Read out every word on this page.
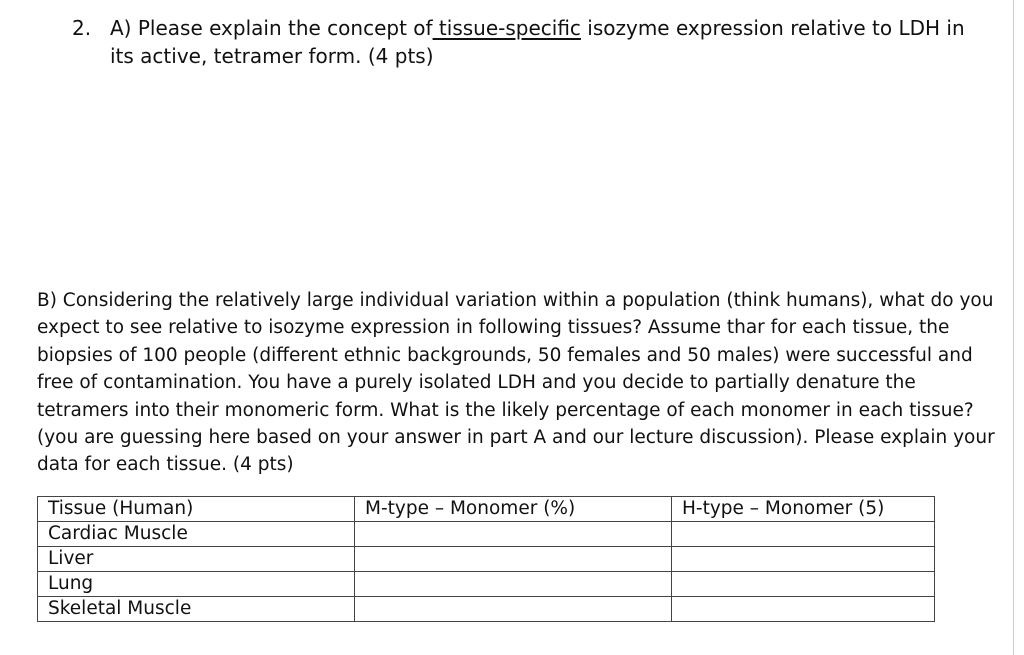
2. A) Please explain the concept of tissue-specific isozyme expression relative to LDH in its active, tetramer form. (4 pts)
B) Considering the relatively large individual variation within a population (think humans), what do you expect to see relative to isozyme expression in following tissues? Assume thar for each tissue, the biopsies of 100 people (different ethnic backgrounds, 50 females and 50 males) were successful and free of contamination. You have a purely isolated LDH and you decide to partially denature the tetramers into their monomeric form. What is the likely percentage of each monomer in each tissue? (you are guessing here based on your answer in part A and our lecture discussion). Please explain your data for each tissue. (4 pts)
Tissue (Human)	M-type – Monomer (%)	H-type – Monomer (5)
Cardiac Muscle		
Liver		
Lung		
Skeletal Muscle		
